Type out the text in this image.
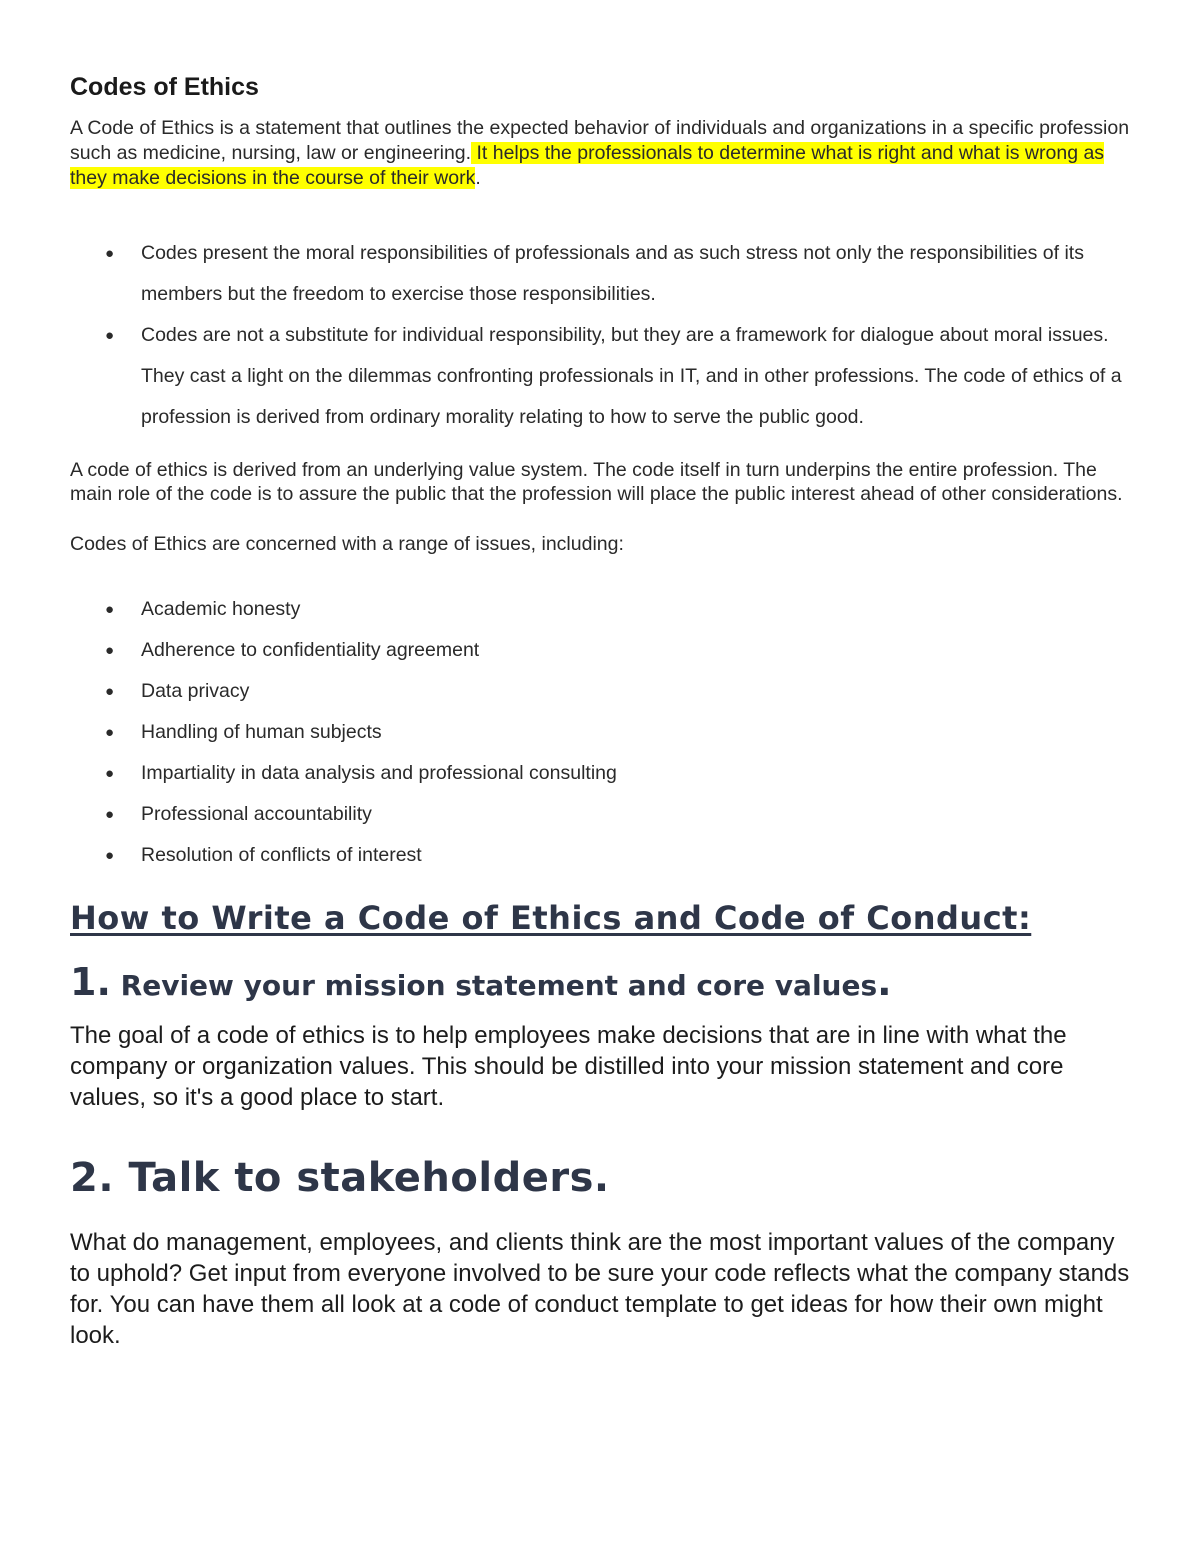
Codes of Ethics

A Code of Ethics is a statement that outlines the expected behavior of individuals and organizations in a specific profession such as medicine, nursing, law or engineering. It helps the professionals to determine what is right and what is wrong as they make decisions in the course of their work.

● Codes present the moral responsibilities of professionals and as such stress not only the responsibilities of its members but the freedom to exercise those responsibilities.
● Codes are not a substitute for individual responsibility, but they are a framework for dialogue about moral issues. They cast a light on the dilemmas confronting professionals in IT, and in other professions. The code of ethics of a profession is derived from ordinary morality relating to how to serve the public good.

A code of ethics is derived from an underlying value system. The code itself in turn underpins the entire profession. The main role of the code is to assure the public that the profession will place the public interest ahead of other considerations.

Codes of Ethics are concerned with a range of issues, including:

● Academic honesty
● Adherence to confidentiality agreement
● Data privacy
● Handling of human subjects
● Impartiality in data analysis and professional consulting
● Professional accountability
● Resolution of conflicts of interest
How to Write a Code of Ethics and Code of Conduct:
1. Review your mission statement and core values.

The goal of a code of ethics is to help employees make decisions that are in line with what the company or organization values. This should be distilled into your mission statement and core values, so it's a good place to start.

2. Talk to stakeholders.

What do management, employees, and clients think are the most important values of the company to uphold? Get input from everyone involved to be sure your code reflects what the company stands for. You can have them all look at a code of conduct template to get ideas for how their own might look.
